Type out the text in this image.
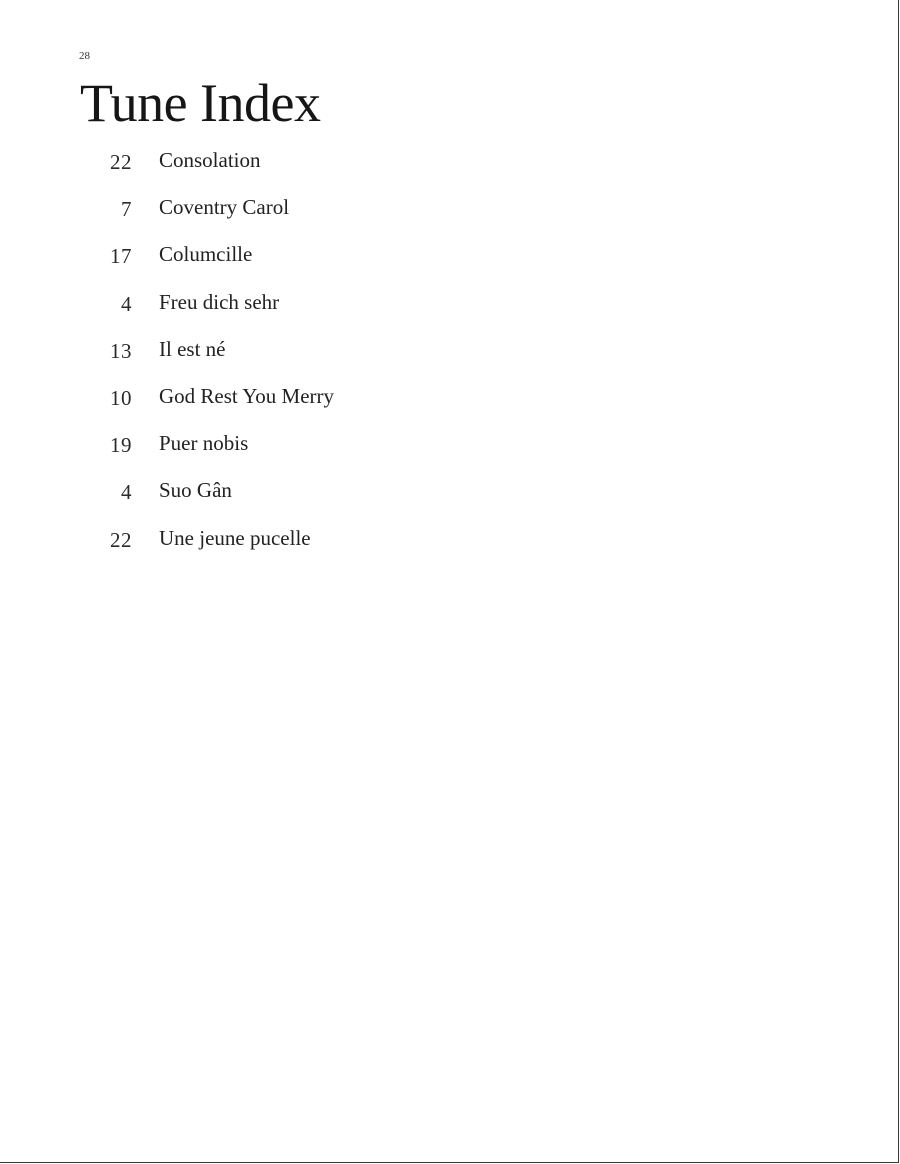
28
Tune Index
22 Consolation
7 Coventry Carol
17 Columcille
4 Freu dich sehr
13 Il est né
10 God Rest You Merry
19 Puer nobis
4 Suo Gân
22 Une jeune pucelle
